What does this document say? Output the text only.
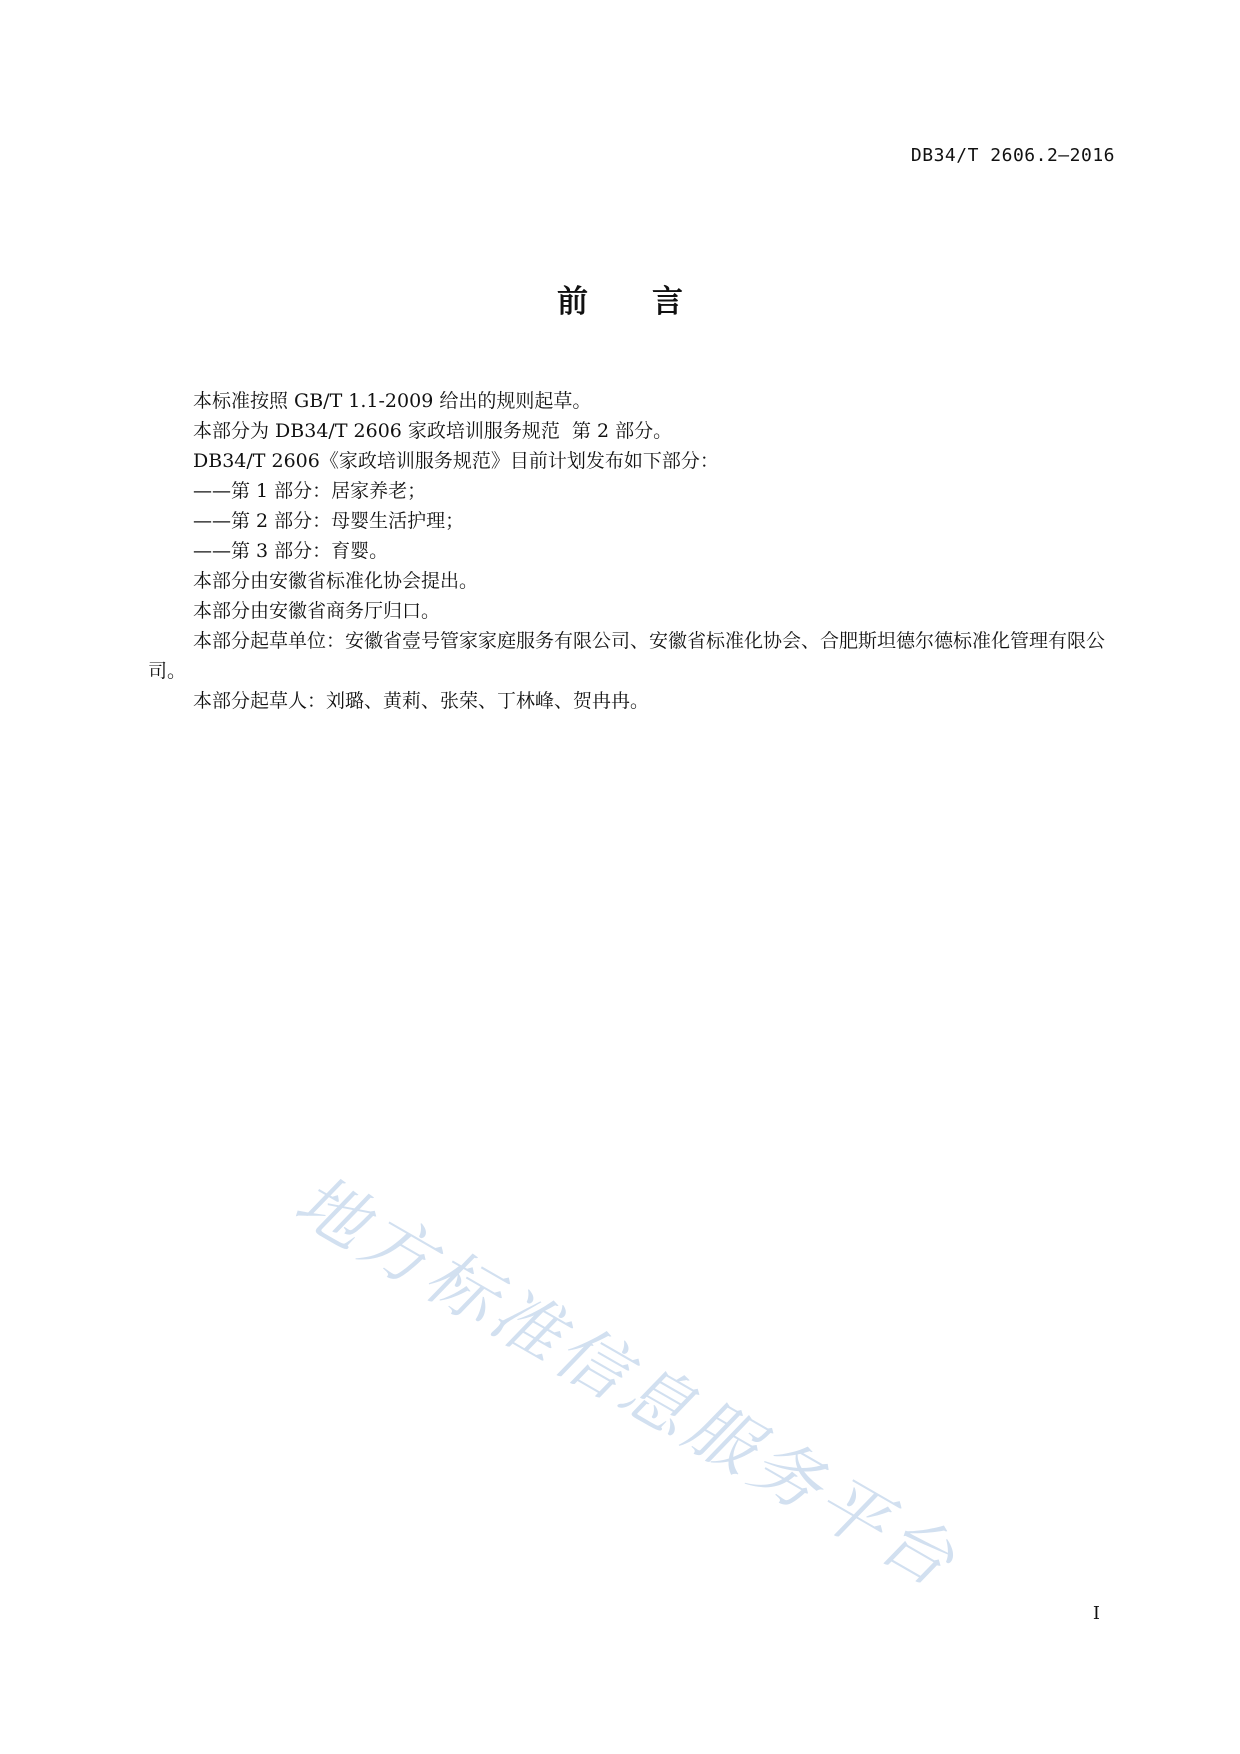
DB34/T 2606.2—2016
前言

本标准按照 GB/T 1.1-2009 给出的规则起草。

本部分为 DB34/T 2606 家政培训服务规范  第 2 部分。

DB34/T 2606《家政培训服务规范》目前计划发布如下部分：

——第 1 部分：居家养老；

——第 2 部分：母婴生活护理；

——第 3 部分：育婴。

本部分由安徽省标准化协会提出。

本部分由安徽省商务厅归口。

本部分起草单位：安徽省壹号管家家庭服务有限公司、安徽省标准化协会、合肥斯坦德尔德标准化管理有限公司。

本部分起草人：刘璐、黄莉、张荣、丁林峰、贺冉冉。

地方标准信息服务平台
I
